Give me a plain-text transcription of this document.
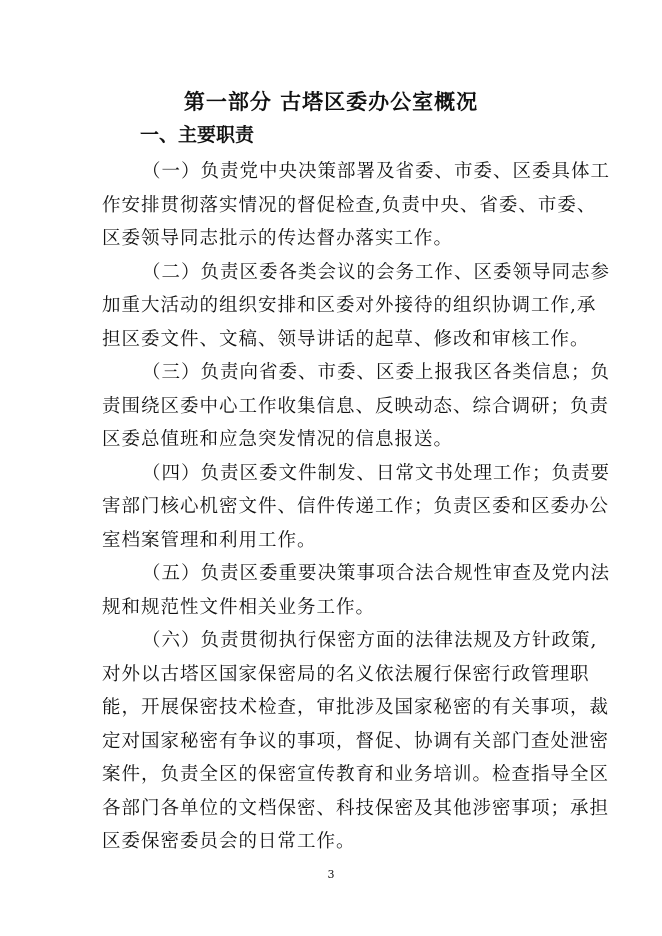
第一部分 古塔区委办公室概况
一、主要职责
（一）负责党中央决策部署及省委、市委、区委具体工
作安排贯彻落实情况的督促检查,负责中央、省委、市委、
区委领导同志批示的传达督办落实工作。
（二）负责区委各类会议的会务工作、区委领导同志参
加重大活动的组织安排和区委对外接待的组织协调工作,承
担区委文件、文稿、领导讲话的起草、修改和审核工作。
（三）负责向省委、市委、区委上报我区各类信息；负
责围绕区委中心工作收集信息、反映动态、综合调研；负责
区委总值班和应急突发情况的信息报送。
（四）负责区委文件制发、日常文书处理工作；负责要
害部门核心机密文件、信件传递工作；负责区委和区委办公
室档案管理和利用工作。
（五）负责区委重要决策事项合法合规性审查及党内法
规和规范性文件相关业务工作。
（六）负责贯彻执行保密方面的法律法规及方针政策,
对外以古塔区国家保密局的名义依法履行保密行政管理职
能，开展保密技术检查，审批涉及国家秘密的有关事项，裁
定对国家秘密有争议的事项，督促、协调有关部门查处泄密
案件，负责全区的保密宣传教育和业务培训。检查指导全区
各部门各单位的文档保密、科技保密及其他涉密事项；承担
区委保密委员会的日常工作。
3
